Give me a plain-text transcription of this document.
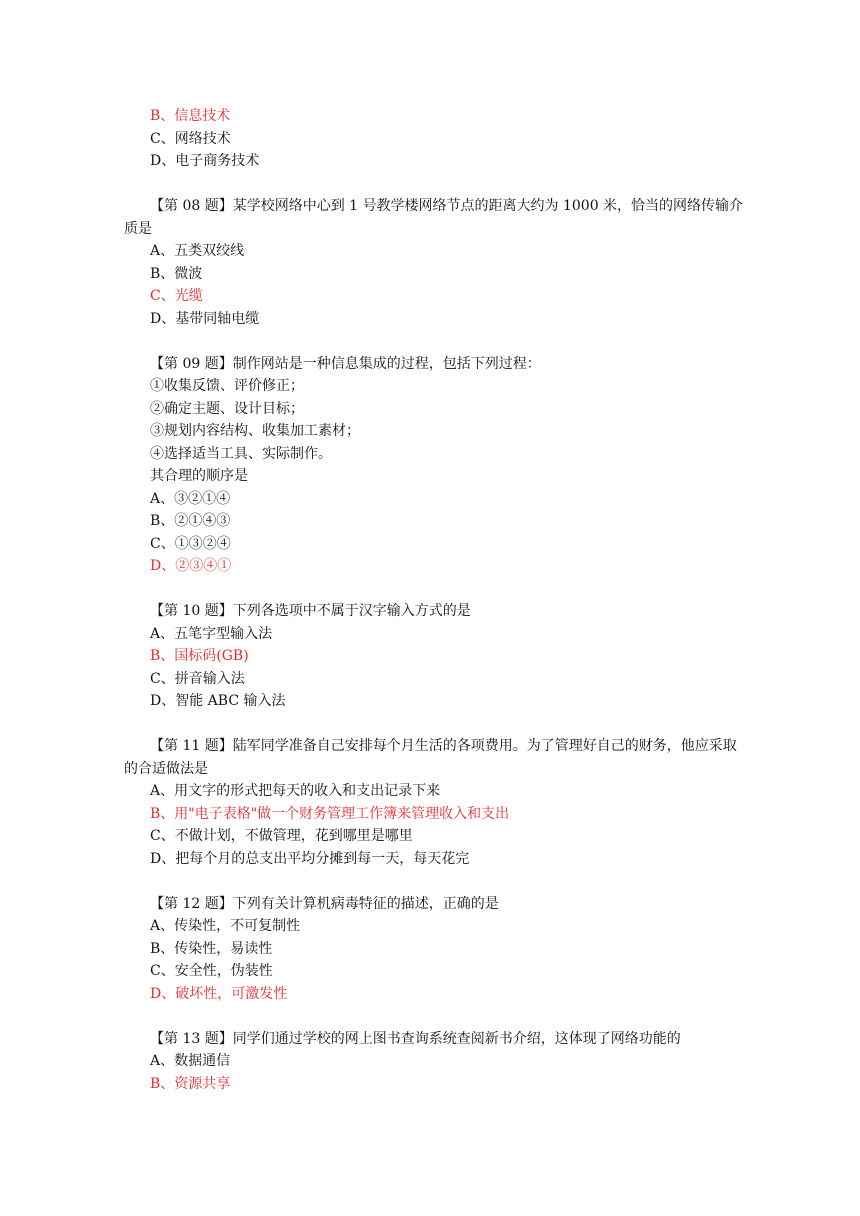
B、信息技术
C、网络技术
D、电子商务技术
【第 08 题】某学校网络中心到 1 号教学楼网络节点的距离大约为 1000 米，恰当的网络传输介质是
A、五类双绞线
B、微波
C、光缆
D、基带同轴电缆
【第 09 题】制作网站是一种信息集成的过程，包括下列过程：
①收集反馈、评价修正；
②确定主题、设计目标；
③规划内容结构、收集加工素材；
④选择适当工具、实际制作。
其合理的顺序是
A、③②①④
B、②①④③
C、①③②④
D、②③④①
【第 10 题】下列各选项中不属于汉字输入方式的是
A、五笔字型输入法
B、国标码(GB)
C、拼音输入法
D、智能 ABC 输入法
【第 11 题】陆军同学准备自己安排每个月生活的各项费用。为了管理好自己的财务，他应采取的合适做法是
A、用文字的形式把每天的收入和支出记录下来
B、用"电子表格"做一个财务管理工作簿来管理收入和支出
C、不做计划，不做管理，花到哪里是哪里
D、把每个月的总支出平均分摊到每一天，每天花完
【第 12 题】下列有关计算机病毒特征的描述，正确的是
A、传染性，不可复制性
B、传染性，易读性
C、安全性，伪装性
D、破坏性，可激发性
【第 13 题】同学们通过学校的网上图书查询系统查阅新书介绍，这体现了网络功能的
A、数据通信
B、资源共享
